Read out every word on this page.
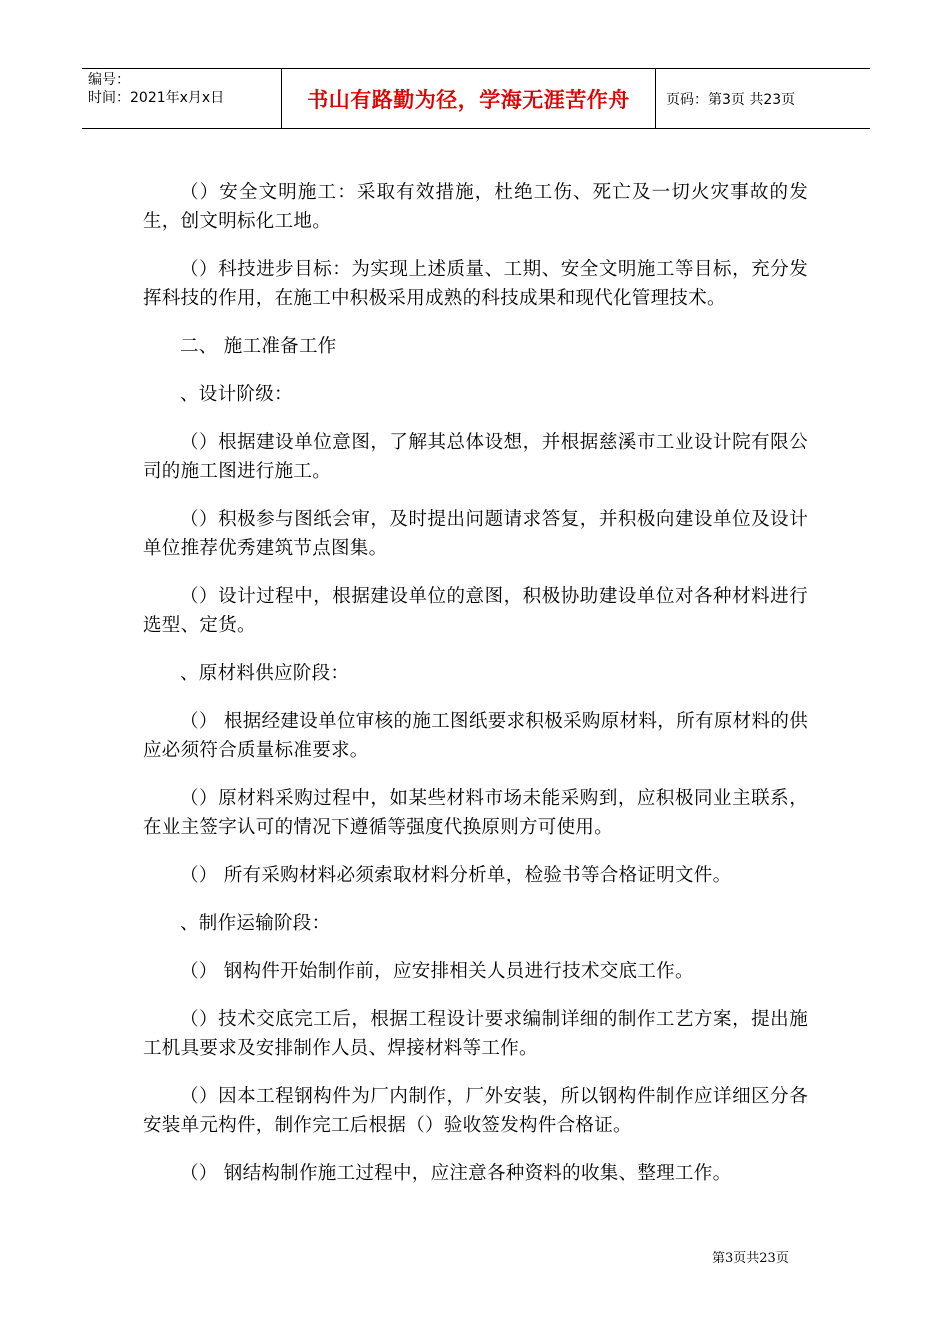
编号：
时间：2021年x月x日	书山有路勤为径，学海无涯苦作舟	页码：第3页 共23页

（）安全文明施工：采取有效措施，杜绝工伤、死亡及一切火灾事故的发生，创文明标化工地。

（）科技进步目标：为实现上述质量、工期、安全文明施工等目标，充分发挥科技的作用，在施工中积极采用成熟的科技成果和现代化管理技术。

二、 施工准备工作

、设计阶级：

（）根据建设单位意图，了解其总体设想，并根据慈溪市工业设计院有限公司的施工图进行施工。

（）积极参与图纸会审，及时提出问题请求答复，并积极向建设单位及设计单位推荐优秀建筑节点图集。

（）设计过程中，根据建设单位的意图，积极协助建设单位对各种材料进行选型、定货。

、原材料供应阶段：

（） 根据经建设单位审核的施工图纸要求积极采购原材料，所有原材料的供应必须符合质量标准要求。

（）原材料采购过程中，如某些材料市场未能采购到，应积极同业主联系，在业主签字认可的情况下遵循等强度代换原则方可使用。

（） 所有采购材料必须索取材料分析单，检验书等合格证明文件。

、制作运输阶段：

（） 钢构件开始制作前，应安排相关人员进行技术交底工作。

（）技术交底完工后，根据工程设计要求编制详细的制作工艺方案，提出施工机具要求及安排制作人员、焊接材料等工作。

（）因本工程钢构件为厂内制作，厂外安装，所以钢构件制作应详细区分各安装单元构件，制作完工后根据（）验收签发构件合格证。

（） 钢结构制作施工过程中，应注意各种资料的收集、整理工作。

第3页共23页
